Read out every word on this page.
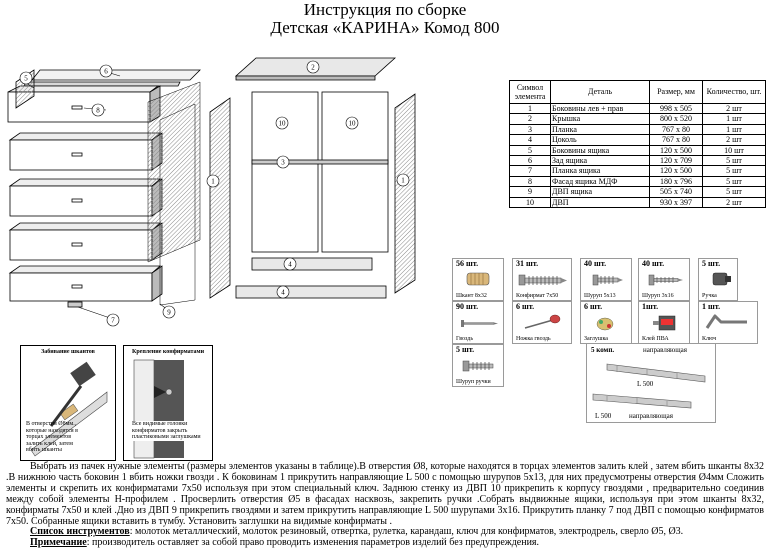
Инструкция по сборке
Детская «КАРИНА» Комод 800
5
6
8
7
9
2
10	10
3
1	1
4
4
Символ элемента	Деталь	Размер, мм	Количество, шт.
1	Боковины лев + прав	998 x 505	2 шт
2	Крышка	800 x 520	1 шт
3	Планка	767 x 80	1 шт
4	Цоколь	767 x 80	2 шт
5	Боковины ящика	120 x 500	10 шт
6	Зад ящика	120 x 709	5 шт
7	Планка ящика	120 x 500	5 шт
8	Фасад ящика МДФ	180 x 796	5 шт
9	ДВП ящика	505 x 740	5 шт
10	ДВП	930 x 397	2 шт
56 шт.
Шкант 8x32
31 шт.
Конфирмат 7x50
40 шт.
Шуруп 5x13
40 шт.
Шуруп 3x16
5 шт.
Ручка
90 шт.
Гвоздь
6 шт.
Ножка гвоздь
6 шт.
Заглушка
1шт.
Клей ПВА
1 шт.
Ключ
5 шт.
Шуруп ручки
5 комп.	направляющая
L 500
L 500	направляющая
Забивание шкантов
В отверстия Ø8мм., которые находятся в торцах элементов залить клей, затем вбить шканты
Крепление конфирматами
Все видимые головки конфирматов закрыть пластиковыми заглушками

Выбрать из пачек нужные элементы (размеры элементов указаны в таблице).В отверстия Ø8, которые находятся в торцах элементов залить клей , затем вбить шканты 8x32 .В нижнюю часть боковин 1 вбить ножки гвозди . К боковинам 1 прикрутить направляющие L 500 с помощью шурупов 5x13, для них предусмотрены отверстия Ø4мм Сложить элементы и скрепить их конфирматами 7x50 используя при этом специальный ключ. Заднюю стенку из ДВП 10 прикрепить к корпусу гвоздями , предварительно соединив между собой элементы Н-профилем . Просверлить отверстия Ø5 в фасадах насквозь, закрепить ручки .Собрать выдвижные ящики, используя при этом шканты 8x32, конфирматы 7x50 и клей .Дно из ДВП 9 прикрепить гвоздями и затем прикрутить направляющие L 500 шурупами 3x16. Прикрутить планку 7 под ДВП с помощью конфирматов 7x50. Собранные ящики вставить в тумбу. Установить заглушки на видимые конфирматы .

Список инструментов: молоток металлический, молоток резиновый, отвертка, рулетка, карандаш, ключ для конфирматов, электродрель, сверло Ø5, Ø3.

Примечание: производитель оставляет за собой право проводить изменения параметров изделий без предупреждения.
